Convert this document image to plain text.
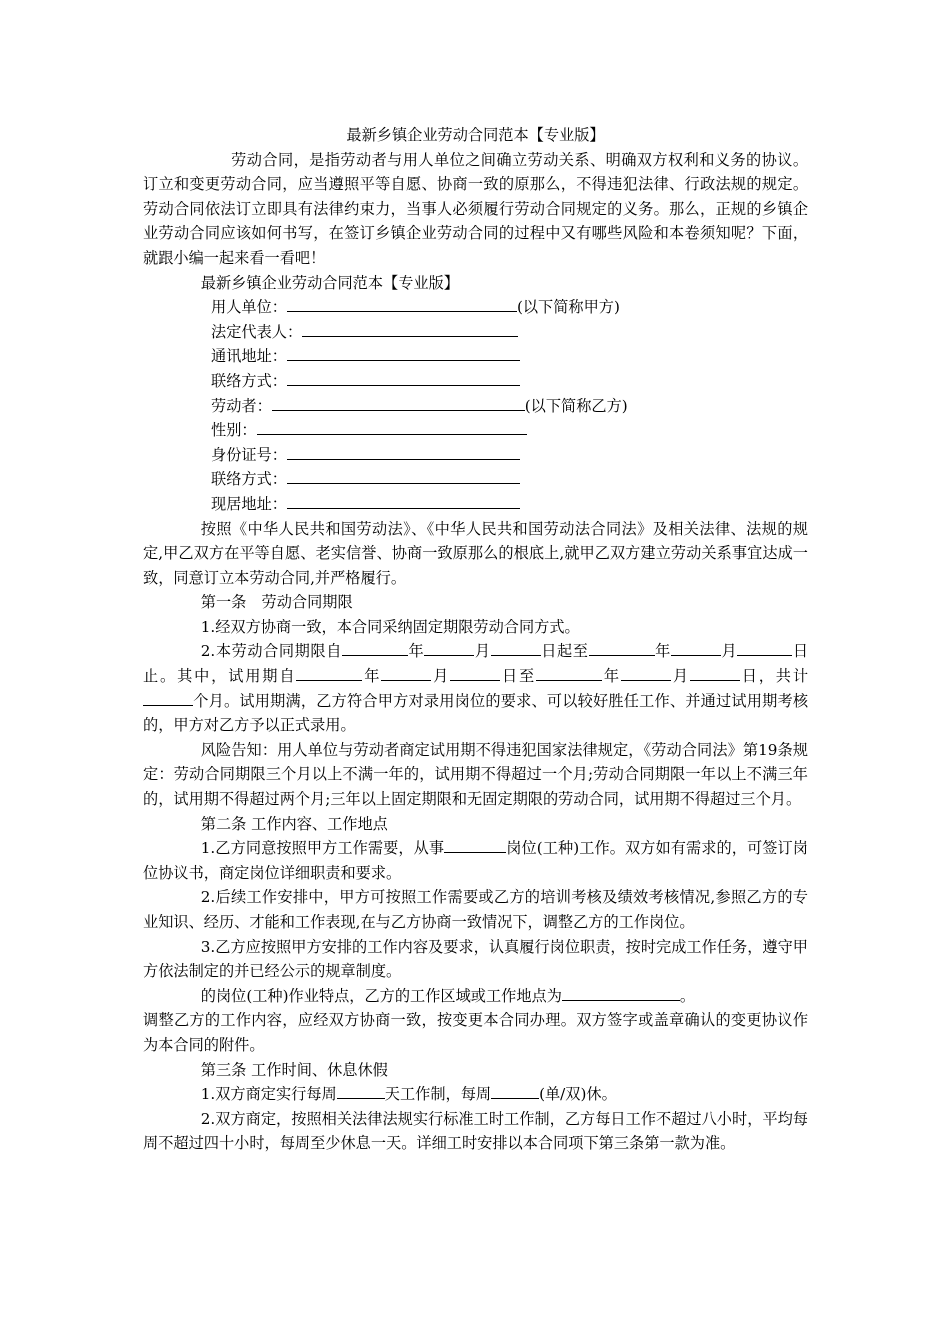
最新乡镇企业劳动合同范本【专业版】

劳动合同，是指劳动者与用人单位之间确立劳动关系、明确双方权利和义务的协议。订立和变更劳动合同，应当遵照平等自愿、协商一致的原那么，不得违犯法律、行政法规的规定。劳动合同依法订立即具有法律约束力，当事人必须履行劳动合同规定的义务。那么，正规的乡镇企业劳动合同应该如何书写，在签订乡镇企业劳动合同的过程中又有哪些风险和本卷须知呢？下面，就跟小编一起来看一看吧！

最新乡镇企业劳动合同范本【专业版】

用人单位：	(以下简称甲方)
法定代表人：
通讯地址：
联络方式：
劳动者：	(以下简称乙方)
性别：
身份证号：
联络方式：
现居地址：

按照《中华人民共和国劳动法》、《中华人民共和国劳动法合同法》及相关法律、法规的规定,甲乙双方在平等自愿、老实信誉、协商一致原那么的根底上,就甲乙双方建立劳动关系事宜达成一致，同意订立本劳动合同,并严格履行。

第一条　劳动合同期限

1.经双方协商一致，本合同采纳固定期限劳动合同方式。

2.本劳动合同期限自	年	月	日起至	年	月	日止。其中，试用期自	年	月	日至	年	月	日，共计个月。试用期满，乙方符合甲方对录用岗位的要求、可以较好胜任工作、并通过试用期考核的，甲方对乙方予以正式录用。

风险告知：用人单位与劳动者商定试用期不得违犯国家法律规定，《劳动合同法》第19条规定：劳动合同期限三个月以上不满一年的，试用期不得超过一个月;劳动合同期限一年以上不满三年的，试用期不得超过两个月;三年以上固定期限和无固定期限的劳动合同，试用期不得超过三个月。

第二条 工作内容、工作地点

1.乙方同意按照甲方工作需要，从事	岗位(工种)工作。双方如有需求的，可签订岗位协议书，商定岗位详细职责和要求。

2.后续工作安排中，甲方可按照工作需要或乙方的培训考核及绩效考核情况,参照乙方的专业知识、经历、才能和工作表现,在与乙方协商一致情况下，调整乙方的工作岗位。

3.乙方应按照甲方安排的工作内容及要求，认真履行岗位职责，按时完成工作任务，遵守甲方依法制定的并已经公示的规章制度。

的岗位(工种)作业特点，乙方的工作区域或工作地点为	。

调整乙方的工作内容，应经双方协商一致，按变更本合同办理。双方签字或盖章确认的变更协议作为本合同的附件。

第三条 工作时间、休息休假

1.双方商定实行每周	天工作制，每周	(单/双)休。

2.双方商定，按照相关法律法规实行标准工时工作制，乙方每日工作不超过八小时，平均每周不超过四十小时，每周至少休息一天。详细工时安排以本合同项下第三条第一款为准。
